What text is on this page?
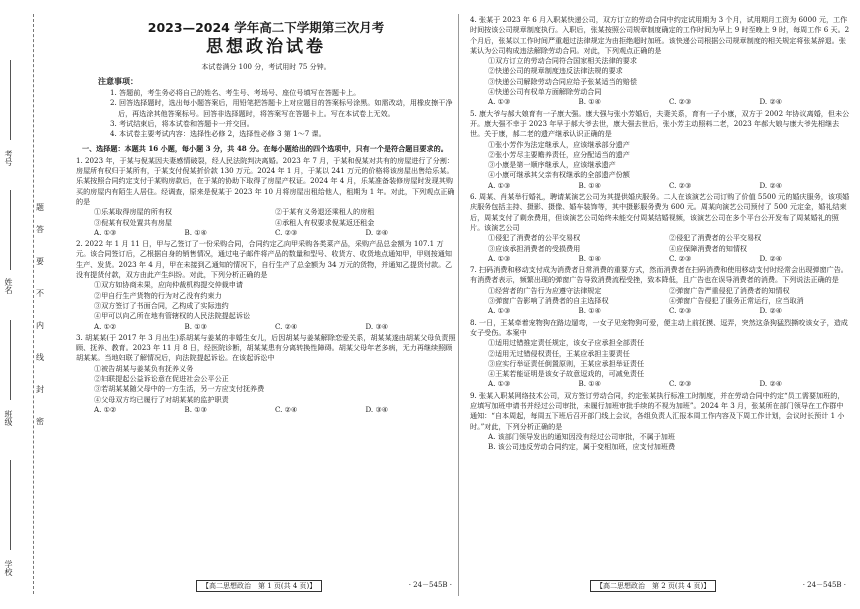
考号
姓名
班级
学校
题
答
要
不
内
线
封
密
2023—2024 学年高二下学期第三次月考
思想政治试卷
本试卷满分 100 分，考试用时 75 分钟。
注意事项：
1. 答题前，考生务必将自己的姓名、考生号、考场号、座位号填写在答题卡上。
2. 回答选择题时，选出每小题答案后，用铅笔把答题卡上对应题目的答案标号涂黑。如需改动，用橡皮擦干净后，再选涂其他答案标号。回答非选择题时，将答案写在答题卡上。写在本试卷上无效。
3. 考试结束后，将本试卷和答题卡一并交回。
4. 本试卷主要考试内容：选择性必修 2，选择性必修 3 第 1～7 课。
一、选择题：本题共 16 小题，每小题 3 分，共 48 分。在每小题给出的四个选项中，只有一个是符合题目要求的。
1. 2023 年，于某与倪某因夫妻感情破裂，经人民法院判决离婚。2023 年 7 月，于某和倪某对共有的房屋进行了分割：房屋所有权归于某所有，于某支付倪某折价款 130 万元。2024 年 1 月，于某以 241 万元的价格将该房屋出售给乐某。乐某按照合同约定支付于某购房款后，在于某的协助下取得了房屋产权证。2024 年 4 月，乐某准备装修房屋时发现其购买的房屋内有陌生人居住。经调查，原来是倪某于 2023 年 10 月将房屋出租给他人，租期为 1 年。对此，下列观点正确的是
①乐某取得房屋的所有权	②于某有义务退还乘租人的房租
③倪某有权处置共有房屋	④承租人有权要求倪某返还租金
A. ①③	B. ①④	C. ②③	D. ②④
2. 2022 年 1 月 11 日，甲与乙签订了一份采购合同，合同约定乙向甲采购各类菜产品，采购产品总金额为 107.1 万元。该合同签订后，乙根据自身的销售情况，通过电子邮件将产品的数量和型号、收货方、收货地点通知甲，甲则按通知生产、发货。2023 年 4 月，甲在未接到乙通知的情况下，自行生产了总金额为 34 万元的货物，并通知乙提货付款。乙没有提货付款，双方由此产生纠纷。对此，下列分析正确的是
①双方如协商未果，应向仲裁机构提交仲裁申请
②甲自行生产货物的行为对乙没有约束力
③双方签订了书面合同，乙构成了实际违约
④甲可以向乙所在地有管辖权的人民法院提起诉讼
A. ①②	B. ①③	C. ②④	D. ③④
3. 胡某某(于 2017 年 3 月出生)系胡某与姜某的非婚生女儿，后因胡某与姜某解除恋爱关系，胡某某遂由胡某父母负责照顾、抚养、教育。2023 年 11 月 8 日，经医院诊断，胡某某患有分离转换性障碍。胡某父母年老多病，无力再继续照顾胡某某。当地妇联了解情况后，向法院提起诉讼。在该起诉讼中
①被告胡某与姜某负有抚养义务
②妇联提起公益诉讼意在促进社会公平公正
③若胡某某随父母中的一方生活，另一方应支付抚养费
④父母双方均已履行了对胡某某的监护职责
A. ①②	B. ①③	C. ②④	D. ③④
4. 张某于 2023 年 6 月入职某快递公司，双方订立的劳动合同中约定试用期为 3 个月，试用期月工资为 6000 元，工作时间按该公司规章制度执行。入职后，张某按照公司规章制度确定的工作时间为早上 9 时至晚上 9 时，每周工作 6 天。2 个月后，张某以工作时间严重超过法律规定为由拒绝超时加班。该快递公司根据公司规章制度的相关规定将张某辞退。张某认为公司构成违法解除劳动合同。对此，下列观点正确的是
①双方订立的劳动合同符合国家相关法律的要求
②快递公司的规章制度违反法律法规的要求
③快递公司解除劳动合同应给予张某适当的赔偿
④快递公司有权单方面解除劳动合同
A. ①③	B. ①④	C. ②③	D. ②④
5. 康大爷与郝大娘育有一子康大强。康大强与张小芳婚后，夫妻关系，育有一子小康，双方于 2002 年协议离婚，但未公开。康大强不幸于 2023 年早于郝大爷去世，康大强去世后，张小芳主动照料二老，2023 年郝大娘与康大爷先相继去世。关于康，郝二老的遗产继承认识正确的是
①张小芳作为法定继承人，应该继承部分遗产
②张小芳尽主要赡养责任，应分配适当的遗产
③小康是第一顺序继承人，应该继承遗产
④小康可继承其父亲有权继承的全部遗产份额
A. ①③	B. ①④	C. ②③	D. ②④
6. 周某、肖某举行婚礼，聘请某演艺公司为其提供婚庆服务。二人在该演艺公司订购了价值 5500 元的婚庆服务，该项婚庆服务包括主持、摄影、摄像、婚车装饰等，其中摄影服务费为 600 元。周某向演艺公司预付了 500 元定金，婚礼结束后，周某支付了剩余费用，但该演艺公司始终未能交付周某结婚视频，该演艺公司在多个平台公开发布了周某婚礼的照片。该演艺公司
①侵犯了消费者的公平交易权	②侵犯了消费者的公平交易权
③应该承担消费者的受损费用	④应保障消费者的知情权
A. ①③	B. ①④	C. ②③	D. ②④
7. 扫码消费和移动支付成为消费者日常消费的重要方式，然而消费者在扫码消费和使用移动支付时经常会出现弹窗广告。有消费者表示，频繁出现的弹窗广告导致消费流程受挫，致本降低，且广告也在误导消费者的消费。下列说法正确的是
①经营者的广告行为应遵守法律规定	②弹窗广告严重侵犯了消费者的知情权
③弹窗广告影响了消费者的自主选择权	④弹窗广告侵犯了服务正常运行，应当取消
A. ①③	B. ①④	C. ②③	D. ②④
8. 一日，王某牵着宠物狗在路边遛弯，一女子见宠物狗可爱，便主动上前抚摸、逗弄，突然这条狗猛烈撕咬该女子，造成女子受伤。本案中
①适用过错推定责任规定，该女子应承担全部责任
②适用无过错侵权责任，王某应承担主要责任
③应实行举证责任倒置原则，王某应承担举证责任
④王某若能证明是该女子故意逗戏的，可减免责任
A. ①③	B. ①④	C. ②③	D. ②④
9. 张某入职某网络技术公司，双方签订劳动合同，约定张某执行标准工时制度，并在劳动合同中约定“员工需要加班的，应填写加班申请书并经过公司审批，未履行加班审批手续的不视为加班”。2024 年 3 月，张某所在部门领导在工作群中通知：“自本周起，每周五下班后召开部门线上会议，各组负责人汇报本周工作内容及下周工作计划，会议时长预计 1 小时。”对此，下列分析正确的是
A. 该部门领导发出的通知因没有经过公司审批，不属于加班
B. 该公司违反劳动合同约定，属于变相加班，应支付加班费
【高二思想政治　第 1 页(共 4 页)】	· 24－545B ·	【高二思想政治　第 2 页(共 4 页)】	· 24－545B ·
